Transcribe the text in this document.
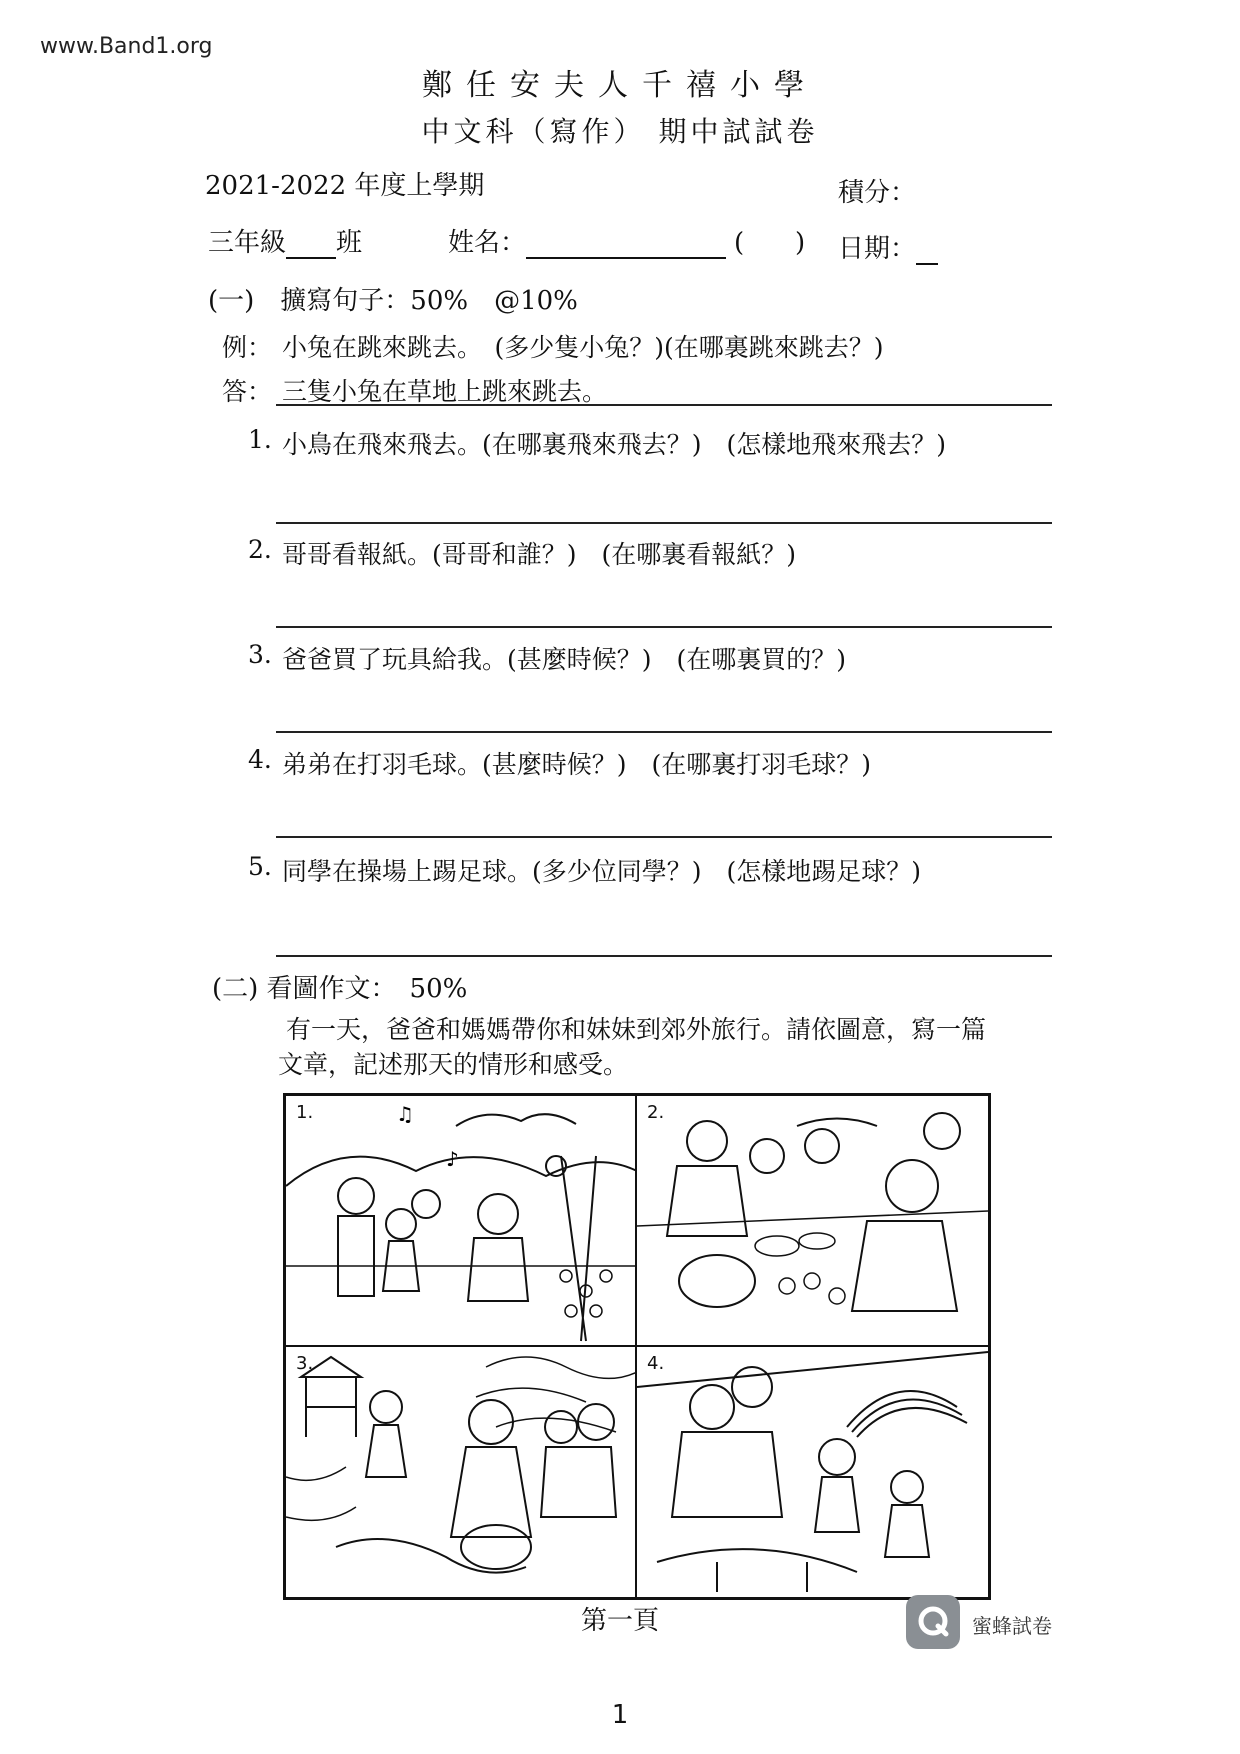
www.Band1.org
鄭任安夫人千禧小學
中文科（寫作） 期中試試卷
2021-2022 年度上學期	積分：
三年級 班	姓名：	( ) 日期：
(一)　擴寫句子：50%　@10%
例： 小兔在跳來跳去。　(多少隻小兔？)(在哪裏跳來跳去？)
答： 三隻小兔在草地上跳來跳去。
1. 小鳥在飛來飛去。(在哪裏飛來飛去？)　(怎樣地飛來飛去？)
2. 哥哥看報紙。(哥哥和誰？)　(在哪裏看報紙？)
3. 爸爸買了玩具給我。(甚麼時候？)　(在哪裏買的？)
4. 弟弟在打羽毛球。(甚麼時候？)　(在哪裏打羽毛球？)
5. 同學在操場上踢足球。(多少位同學？)　(怎樣地踢足球？)
(二) 看圖作文：　50%
有一天，爸爸和媽媽帶你和妹妹到郊外旅行。請依圖意，寫一篇
文章，記述那天的情形和感受。
1.	♫
♪
2.
3.	4.
第一頁	蜜蜂試卷
1
